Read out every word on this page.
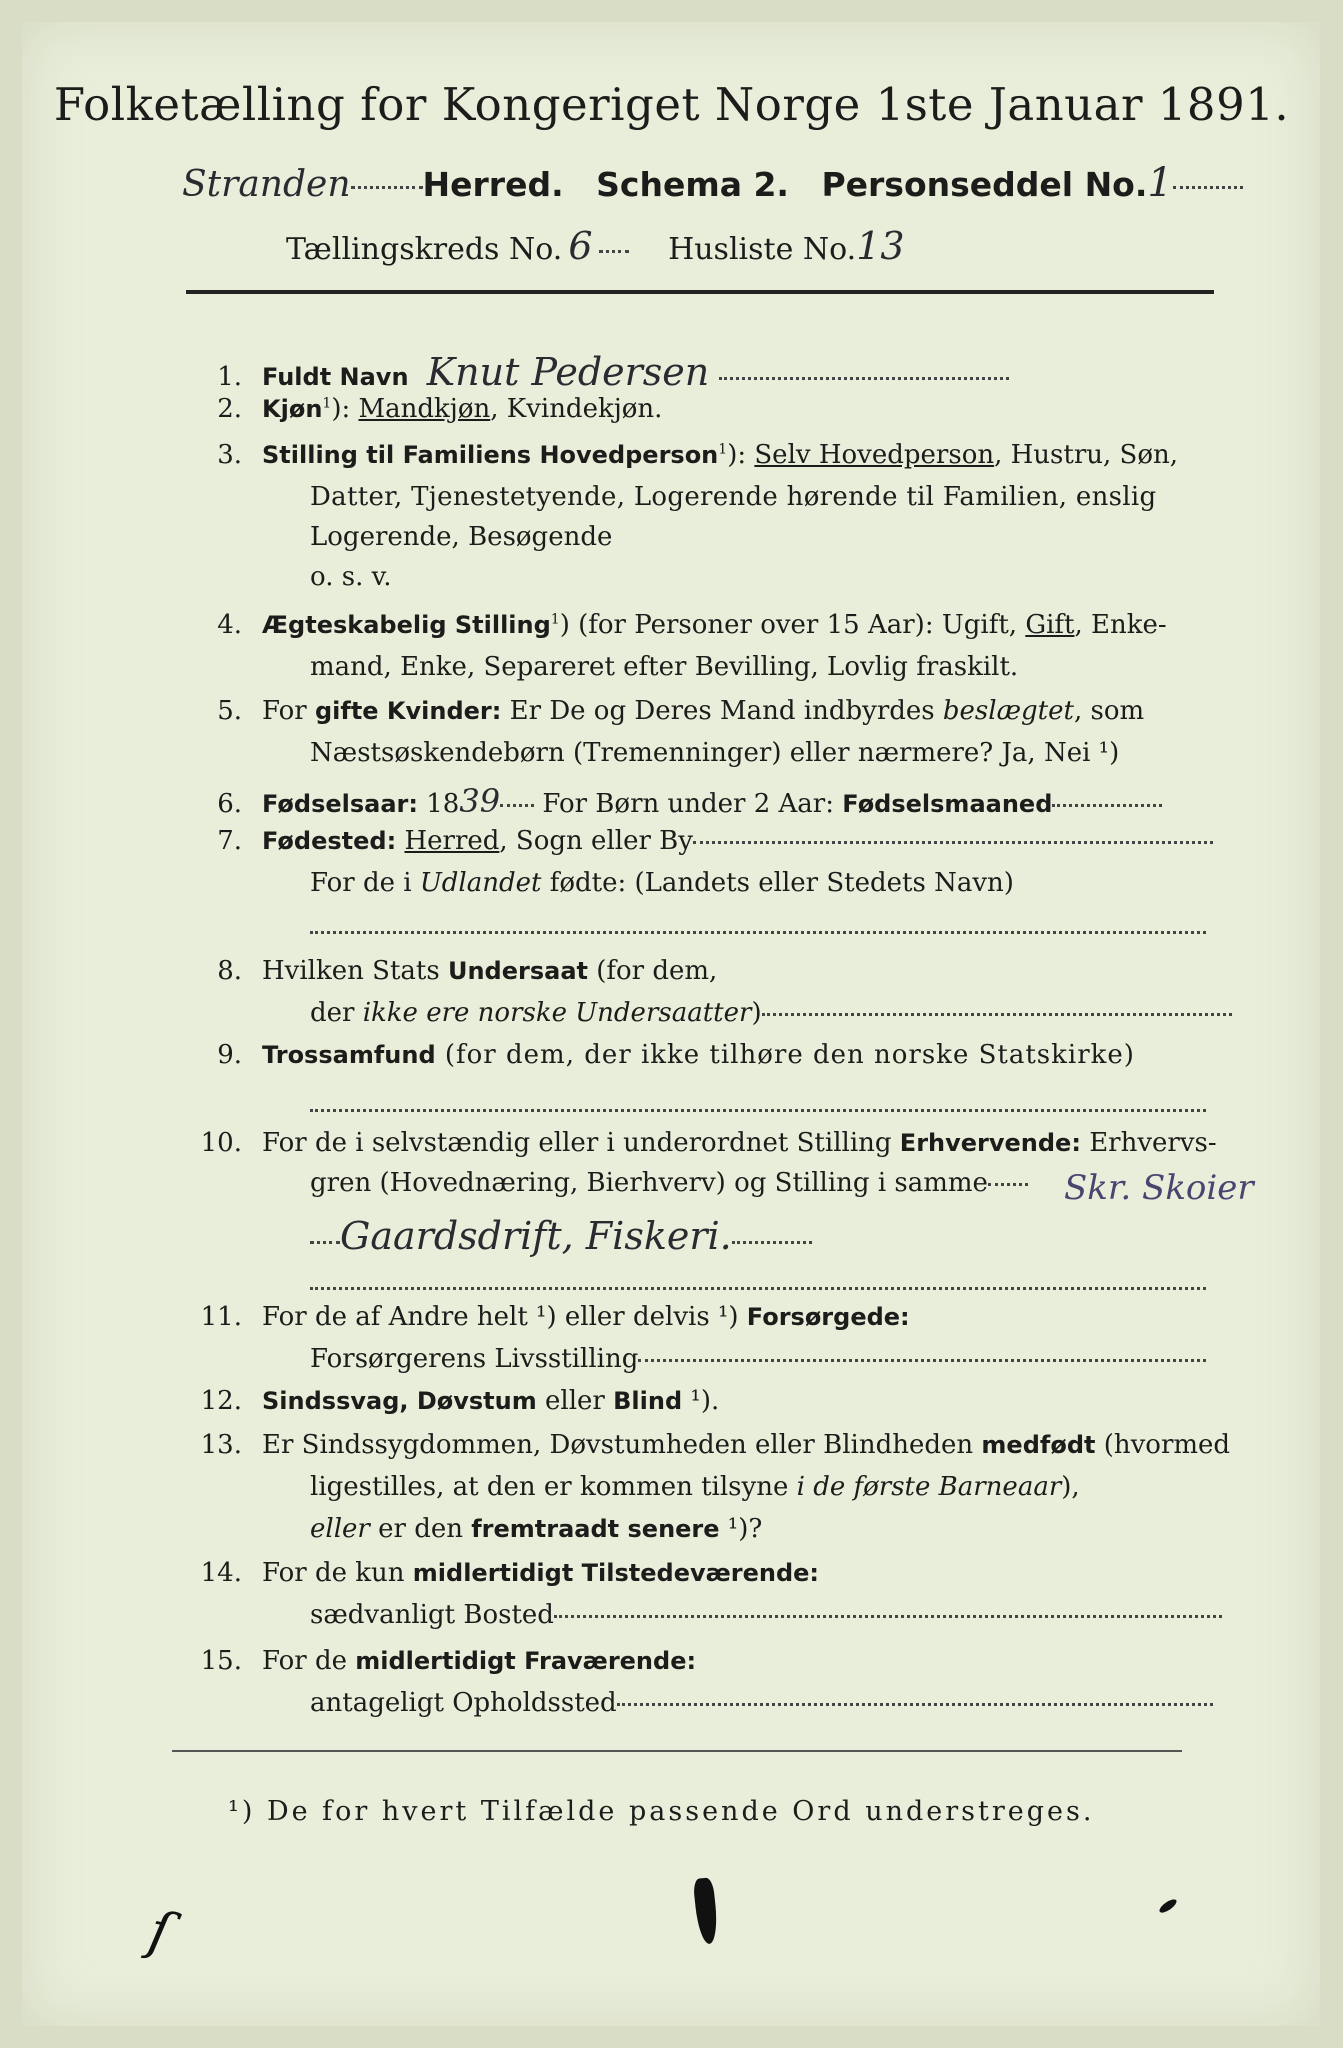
Folketælling for Kongeriget Norge 1ste Januar 1891.
Stranden Herred. Schema 2. Personseddel No.1
Tællingskreds No. 6	Husliste No.13
1. Fuldt Navn Knut Pedersen
2. Kjøn$^1$): Mandkjøn, Kvindekjøn.
3. Stilling til Familiens Hovedperson$^1$): Selv Hovedperson, Hustru, Søn,
Datter, Tjenestetyende, Logerende hørende til Familien, enslig
Logerende, Besøgende
o. s. v.
4. Ægteskabelig Stilling$^1$) (for Personer over 15 Aar): Ugift, Gift, Enke-
mand, Enke, Separeret efter Bevilling, Lovlig fraskilt.
5. For gifte Kvinder: Er De og Deres Mand indbyrdes beslægtet, som
Næstsøskendebørn (Tremenninger) eller nærmere? Ja, Nei ¹)
6. Fødselsaar: 1839 For Børn under 2 Aar: Fødselsmaaned
7. Fødested: Herred, Sogn eller By
For de i Udlandet fødte: (Landets eller Stedets Navn)
8. Hvilken Stats Undersaat (for dem,
der ikke ere norske Undersaatter)
9. Trossamfund (for dem, der ikke tilhøre den norske Statskirke)
10. For de i selvstændig eller i underordnet Stilling Erhvervende: Erhvervs-
gren (Hovednæring, Bierhverv) og Stilling i samme	Skr. Skoier
Gaardsdrift, Fiskeri.
11. For de af Andre helt ¹) eller delvis ¹) Forsørgede:
Forsørgerens Livsstilling
12. Sindssvag, Døvstum eller Blind ¹).
13. Er Sindssygdommen, Døvstumheden eller Blindheden medfødt (hvormed
ligestilles, at den er kommen tilsyne i de første Barneaar),
eller er den fremtraadt senere ¹)?
14. For de kun midlertidigt Tilstedeværende:
sædvanligt Bosted
15. For de midlertidigt Fraværende:
antageligt Opholdssted
¹) De for hvert Tilfælde passende Ord understreges.
ſ
